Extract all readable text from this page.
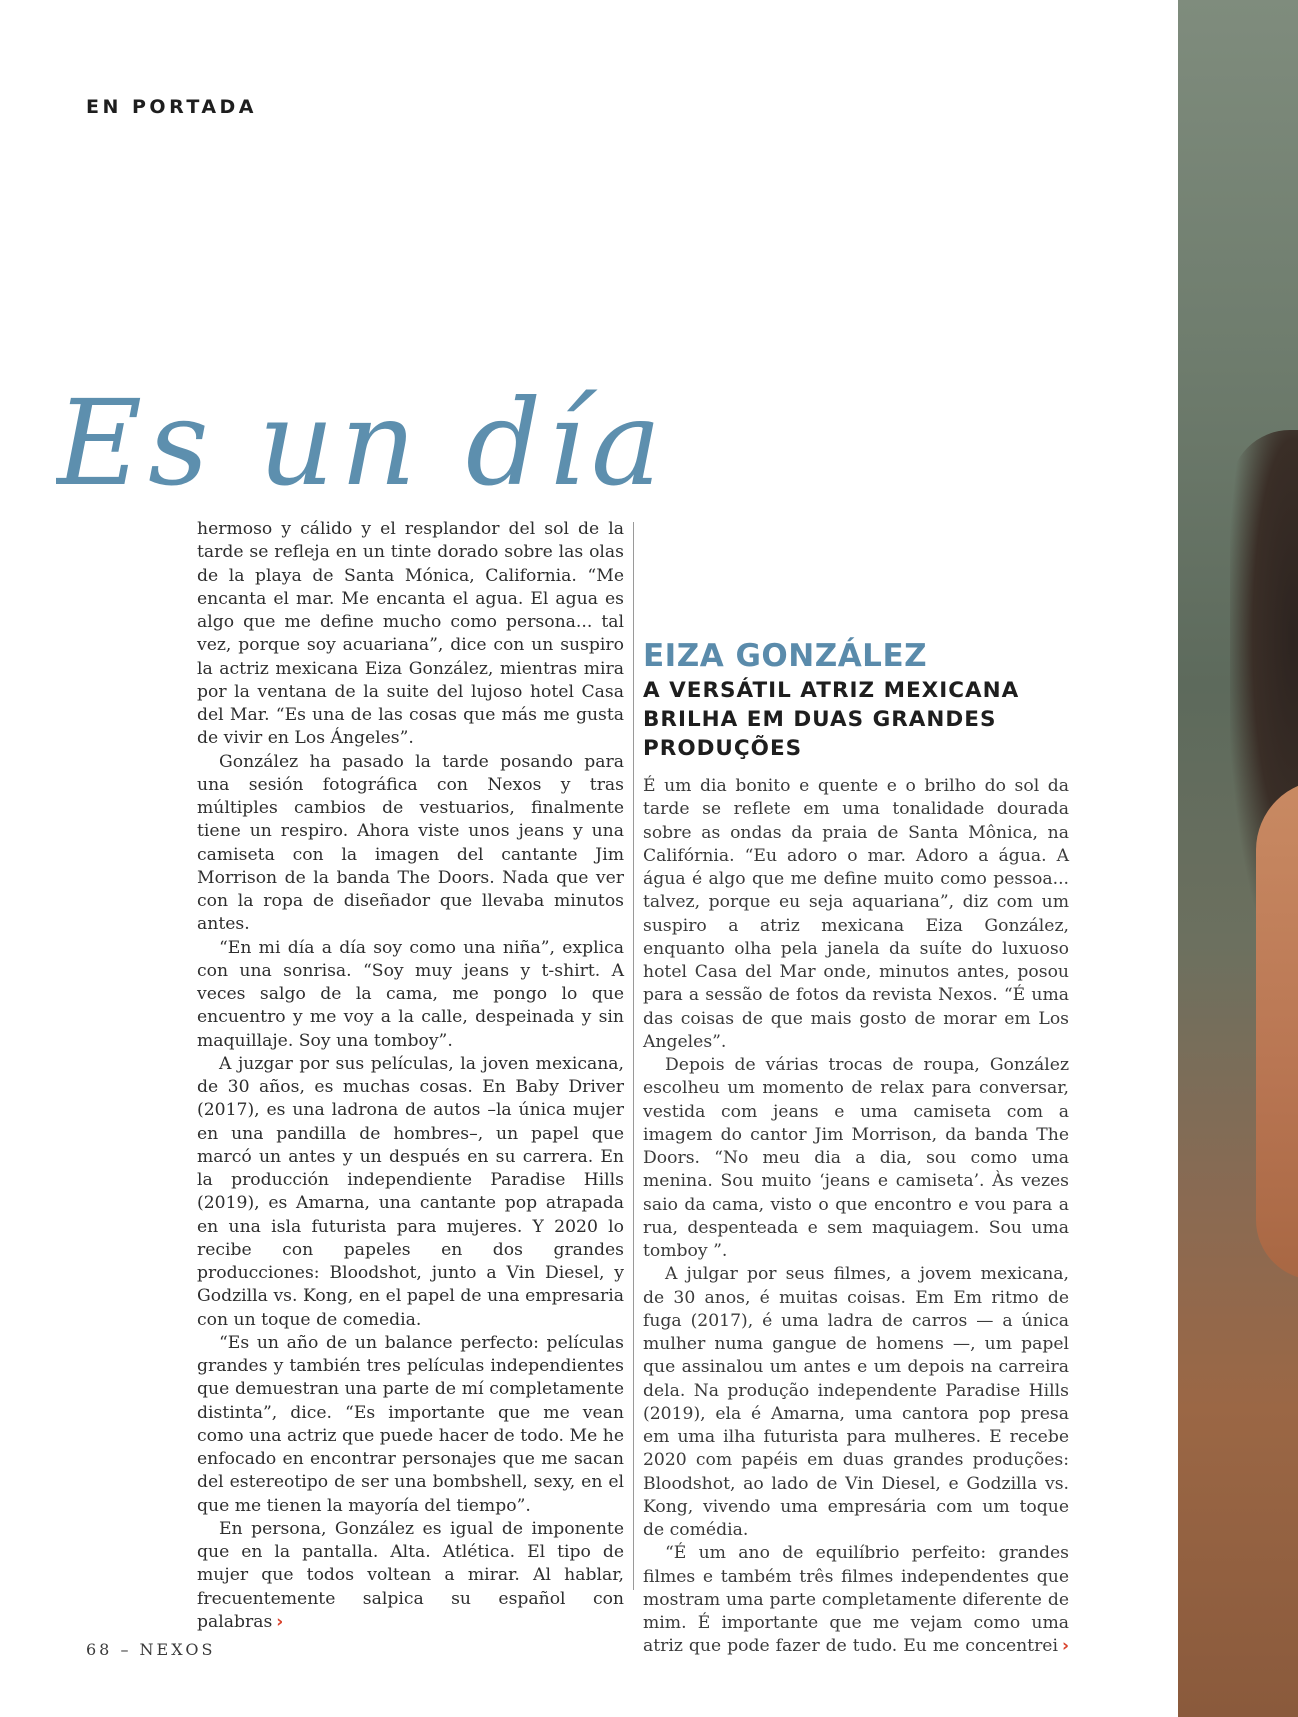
EN PORTADA
Es un día

hermoso y cálido y el resplandor del sol de la tarde se refleja en un tinte dorado sobre las olas de la playa de Santa Mónica, California. “Me encanta el mar. Me encanta el agua. El agua es algo que me define mucho como persona... tal vez, porque soy acuariana”, dice con un suspiro la actriz mexicana Eiza González, mientras mira por la ventana de la suite del lujoso hotel Casa del Mar. “Es una de las cosas que más me gusta de vivir en Los Ángeles”.

González ha pasado la tarde posando para una sesión fotográfica con Nexos y tras múltiples cambios de vestuarios, finalmente tiene un respiro. Ahora viste unos jeans y una camiseta con la imagen del cantante Jim Morrison de la banda The Doors. Nada que ver con la ropa de diseñador que llevaba minutos antes.

“En mi día a día soy como una niña”, explica con una sonrisa. “Soy muy jeans y t-shirt. A veces salgo de la cama, me pongo lo que encuentro y me voy a la calle, despeinada y sin maquillaje. Soy una tomboy”.

A juzgar por sus películas, la joven mexicana, de 30 años, es muchas cosas. En Baby Driver (2017), es una ladrona de autos –la única mujer en una pandilla de hombres–, un papel que marcó un antes y un después en su carrera. En la producción independiente Paradise Hills (2019), es Amarna, una cantante pop atrapada en una isla futurista para mujeres. Y 2020 lo recibe con papeles en dos grandes producciones: Bloodshot, junto a Vin Diesel, y Godzilla vs. Kong, en el papel de una empresaria con un toque de comedia.

“Es un año de un balance perfecto: películas grandes y también tres películas independientes que demuestran una parte de mí completamente distinta”, dice. “Es importante que me vean como una actriz que puede hacer de todo. Me he enfocado en encontrar personajes que me sacan del estereotipo de ser una bombshell, sexy, en el que me tienen la mayoría del tiempo”.

En persona, González es igual de imponente que en la pantalla. Alta. Atlética. El tipo de mujer que todos voltean a mirar. Al hablar, frecuentemente salpica su español con palabras ›

EIZA GONZÁLEZ
A VERSÁTIL ATRIZ MEXICANA BRILHA EM DUAS GRANDES PRODUÇÕES

É um dia bonito e quente e o brilho do sol da tarde se reflete em uma tonalidade dourada sobre as ondas da praia de Santa Mônica, na Califórnia. “Eu adoro o mar. Adoro a água. A água é algo que me define muito como pessoa... talvez, porque eu seja aquariana”, diz com um suspiro a atriz mexicana Eiza González, enquanto olha pela janela da suíte do luxuoso hotel Casa del Mar onde, minutos antes, posou para a sessão de fotos da revista Nexos. “É uma das coisas de que mais gosto de morar em Los Angeles”.

Depois de várias trocas de roupa, González escolheu um momento de relax para conversar, vestida com jeans e uma camiseta com a imagem do cantor Jim Morrison, da banda The Doors. “No meu dia a dia, sou como uma menina. Sou muito ‘jeans e camiseta’. Às vezes saio da cama, visto o que encontro e vou para a rua, despenteada e sem maquiagem. Sou uma tomboy ”.

A julgar por seus filmes, a jovem mexicana, de 30 anos, é muitas coisas. Em Em ritmo de fuga (2017), é uma ladra de carros — a única mulher numa gangue de homens —, um papel que assinalou um antes e um depois na carreira dela. Na produção independente Paradise Hills (2019), ela é Amarna, uma cantora pop presa em uma ilha futurista para mulheres. E recebe 2020 com papéis em duas grandes produções: Bloodshot, ao lado de Vin Diesel, e Godzilla vs. Kong, vivendo uma empresária com um toque de comédia.

“É um ano de equilíbrio perfeito: grandes filmes e também três filmes independentes que mostram uma parte completamente diferente de mim. É importante que me vejam como uma atriz que pode fazer de tudo. Eu me concentrei ›

68 – NEXOS
